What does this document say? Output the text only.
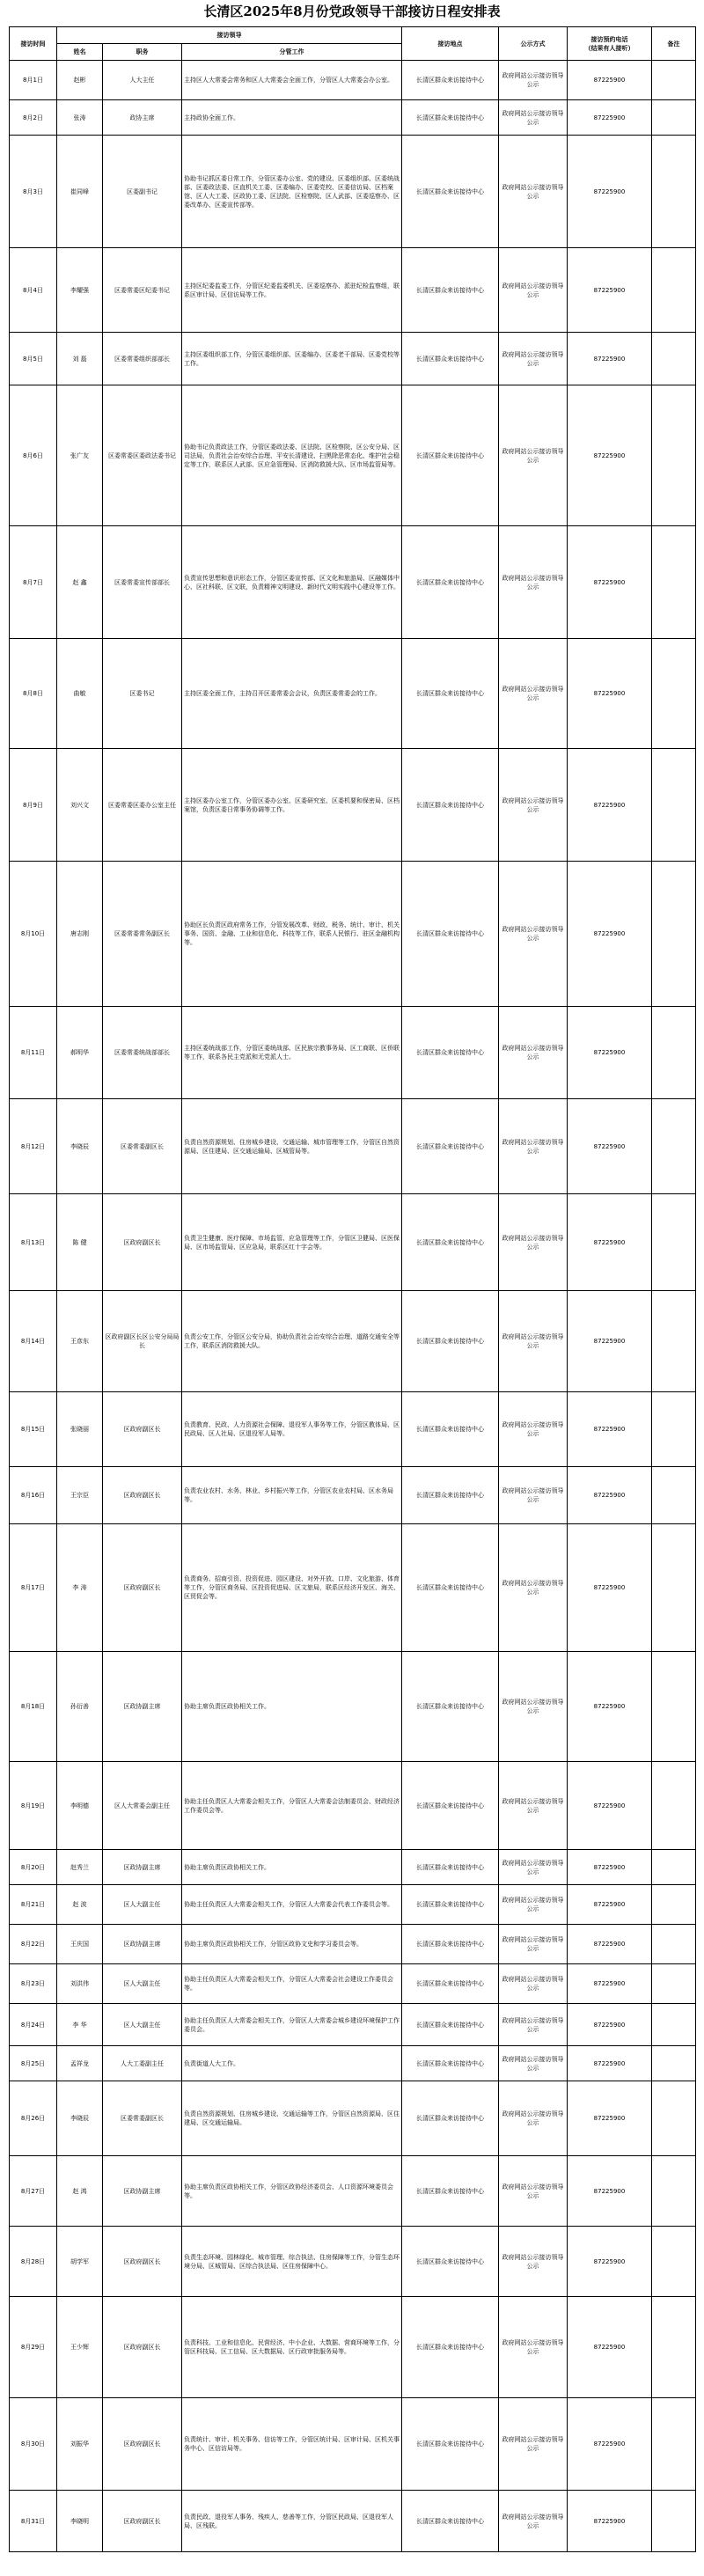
长清区2025年8月份党政领导干部接访日程安排表
接访时间	接访领导			接访地点	公示方式	接访预约电话
（结果有人接听）	备注
	姓名	职务	分管工作				
8月1日	赵彬	人大主任	主持区人大常委会常务和区人大常委会全面工作，分管区人大常委会办公室。	长清区群众来访接待中心	政府网站公示接访领导公示	87225900	
8月2日	张涛	政协主席	主持政协全面工作。	长清区群众来访接待中心	政府网站公示接访领导公示	87225900	
8月3日	崔同峰	区委副书记	协助书记抓区委日常工作，分管区委办公室、党的建设、区委组织部、区委统战部、区委政法委、区直机关工委、区委编办、区委党校、区委信访局、区档案馆、区人大工委、区政协工委、区法院、区检察院、区人武部、区委巡察办、区委改革办、区委宣传部等。	长清区群众来访接待中心	政府网站公示接访领导公示	87225900	
8月4日	李耀强	区委常委区纪委书记	主持区纪委监委工作，分管区纪委监委机关、区委巡察办、派驻纪检监察组，联系区审计局、区信访局等工作。	长清区群众来访接待中心	政府网站公示接访领导公示	87225900	
8月5日	刘 磊	区委常委组织部部长	主持区委组织部工作，分管区委组织部、区委编办、区委老干部局、区委党校等工作。	长清区群众来访接待中心	政府网站公示接访领导公示	87225900	
8月6日	张广友	区委常委区委政法委书记	协助书记负责政法工作，分管区委政法委、区法院、区检察院、区公安分局、区司法局，负责社会治安综合治理、平安长清建设、扫黑除恶常态化、维护社会稳定等工作，联系区人武部、区应急管理局、区消防救援大队、区市场监管局等。	长清区群众来访接待中心	政府网站公示接访领导公示	87225900	
8月7日	赵 鑫	区委常委宣传部部长	负责宣传思想和意识形态工作，分管区委宣传部、区文化和旅游局、区融媒体中心、区社科联、区文联，负责精神文明建设、新时代文明实践中心建设等工作。	长清区群众来访接待中心	政府网站公示接访领导公示	87225900	
8月8日	曲敏	区委书记	主持区委全面工作，主持召开区委常委会会议，负责区委常委会的工作。	长清区群众来访接待中心	政府网站公示接访领导公示	87225900	
8月9日	刘兴文	区委常委区委办公室主任	主持区委办公室工作，分管区委办公室、区委研究室、区委机要和保密局、区档案馆，负责区委日常事务协调等工作。	长清区群众来访接待中心	政府网站公示接访领导公示	87225900	
8月10日	唐志刚	区委常委常务副区长	协助区长负责区政府常务工作，分管发展改革、财政、税务、统计、审计、机关事务、国资、金融、工业和信息化、科技等工作，联系人民银行、驻区金融机构等。	长清区群众来访接待中心	政府网站公示接访领导公示	87225900	
8月11日	郝明华	区委常委统战部部长	主持区委统战部工作，分管区委统战部、区民族宗教事务局、区工商联、区侨联等工作，联系各民主党派和无党派人士。	长清区群众来访接待中心	政府网站公示接访领导公示	87225900	
8月12日	李晓辰	区委常委副区长	负责自然资源规划、住房城乡建设、交通运输、城市管理等工作，分管区自然资源局、区住建局、区交通运输局、区城管局等。	长清区群众来访接待中心	政府网站公示接访领导公示	87225900	
8月13日	陈 健	区政府副区长	负责卫生健康、医疗保障、市场监管、应急管理等工作，分管区卫健局、区医保局、区市场监管局、区应急局，联系区红十字会等。	长清区群众来访接待中心	政府网站公示接访领导公示	87225900	
8月14日	王彦东	区政府副区长区公安分局局长	负责公安工作，分管区公安分局，协助负责社会治安综合治理、道路交通安全等工作，联系区消防救援大队。	长清区群众来访接待中心	政府网站公示接访领导公示	87225900	
8月15日	张晓丽	区政府副区长	负责教育、民政、人力资源社会保障、退役军人事务等工作，分管区教体局、区民政局、区人社局、区退役军人局等。	长清区群众来访接待中心	政府网站公示接访领导公示	87225900	
8月16日	王宗臣	区政府副区长	负责农业农村、水务、林业、乡村振兴等工作，分管区农业农村局、区水务局等。	长清区群众来访接待中心	政府网站公示接访领导公示	87225900	
8月17日	李 涛	区政府副区长	负责商务、招商引资、投资促进、园区建设、对外开放、口岸、文化旅游、体育等工作，分管区商务局、区投资促进局、区文旅局，联系区经济开发区、海关、区贸促会等。	长清区群众来访接待中心	政府网站公示接访领导公示	87225900	
8月18日	孙衍善	区政协副主席	协助主席负责区政协相关工作。	长清区群众来访接待中心	政府网站公示接访领导公示	87225900	
8月19日	李明德	区人大常委会副主任	协助主任负责区人大常委会相关工作，分管区人大常委会法制委员会、财政经济工作委员会等。	长清区群众来访接待中心	政府网站公示接访领导公示	87225900	
8月20日	赵秀兰	区政协副主席	协助主席负责区政协相关工作。	长清区群众来访接待中心	政府网站公示接访领导公示	87225900	
8月21日	赵 波	区人大副主任	协助主任负责区人大常委会相关工作，分管区人大常委会代表工作委员会等。	长清区群众来访接待中心	政府网站公示接访领导公示	87225900	
8月22日	王庆国	区政协副主席	协助主席负责区政协相关工作，分管区政协文史和学习委员会等。	长清区群众来访接待中心	政府网站公示接访领导公示	87225900	
8月23日	刘洪伟	区人大副主任	协助主任负责区人大常委会相关工作，分管区人大常委会社会建设工作委员会等。	长清区群众来访接待中心	政府网站公示接访领导公示	87225900	
8月24日	李 华	区人大副主任	协助主任负责区人大常委会相关工作，分管区人大常委会城乡建设环境保护工作委员会。	长清区群众来访接待中心	政府网站公示接访领导公示	87225900	
8月25日	孟祥龙	人大工委副主任	负责街道人大工作。	长清区群众来访接待中心	政府网站公示接访领导公示	87225900	
8月26日	李晓辰	区委常委副区长	负责自然资源规划、住房城乡建设、交通运输等工作，分管区自然资源局、区住建局、区交通运输局。	长清区群众来访接待中心	政府网站公示接访领导公示	87225900	
8月27日	赵 鸿	区政协副主席	协助主席负责区政协相关工作，分管区政协经济委员会、人口资源环境委员会等。	长清区群众来访接待中心	政府网站公示接访领导公示	87225900	
8月28日	胡学军	区政府副区长	负责生态环境、园林绿化、城市管理、综合执法、住房保障等工作，分管生态环境分局、区城管局、区综合执法局、区住房保障中心。	长清区群众来访接待中心	政府网站公示接访领导公示	87225900	
8月29日	王少辉	区政府副区长	负责科技、工业和信息化、民营经济、中小企业、大数据、营商环境等工作，分管区科技局、区工信局、区大数据局、区行政审批服务局等。	长清区群众来访接待中心	政府网站公示接访领导公示	87225900	
8月30日	刘振华	区政府副区长	负责统计、审计、机关事务、信访等工作，分管区统计局、区审计局、区机关事务中心、区信访局等。	长清区群众来访接待中心	政府网站公示接访领导公示	87225900	
8月31日	李晓明	区政府副区长	负责民政、退役军人事务、残疾人、慈善等工作，分管区民政局、区退役军人局、区残联。	长清区群众来访接待中心	政府网站公示接访领导公示	87225900	
